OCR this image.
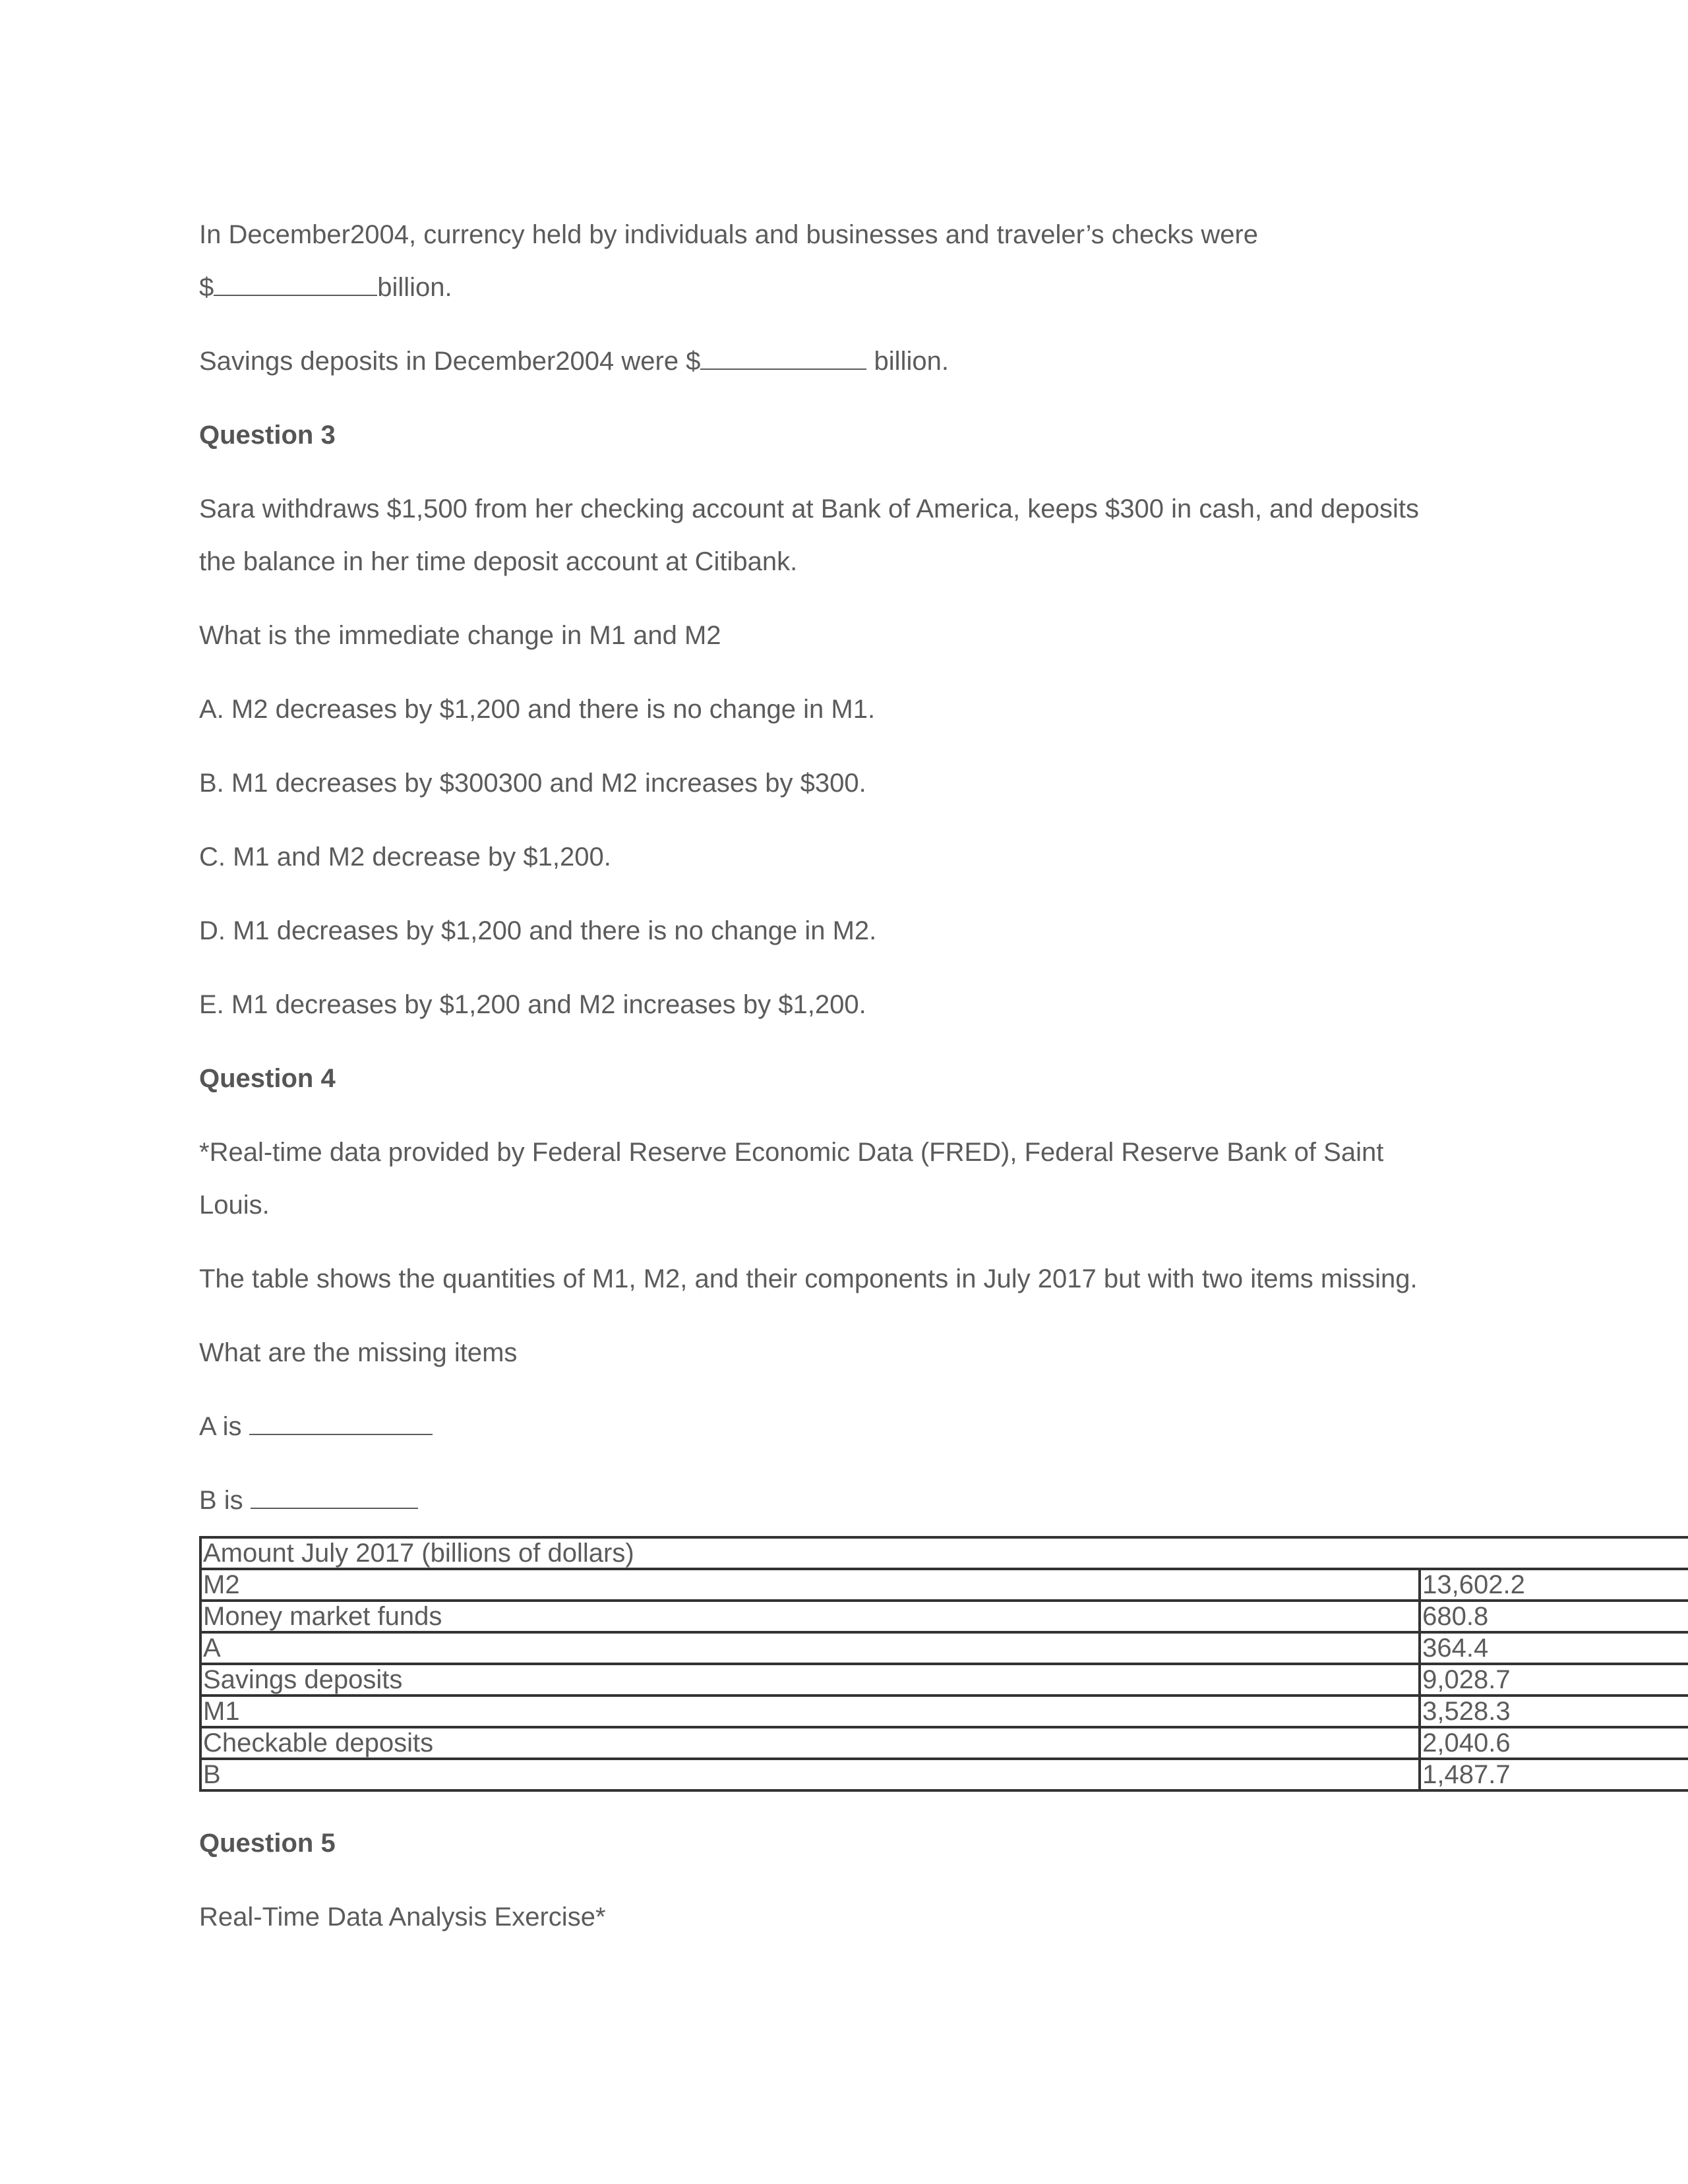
In December2004, currency held by individuals and businesses and traveler’s checks were
$	billion.
Savings deposits in December2004 were $	billion.
Question 3
Sara withdraws $1,500 from her checking account at Bank of America, keeps $300 in cash, and deposits
the balance in her time deposit account at Citibank.
What is the immediate change in M1 and M2
A. M2 decreases by $1,200 and there is no change in M1.
B. M1 decreases by $300300 and M2 increases by $300.
C. M1 and M2 decrease by $1,200.
D. M1 decreases by $1,200 and there is no change in M2.
E. M1 decreases by $1,200 and M2 increases by $1,200.
Question 4
*Real-time data provided by Federal Reserve Economic Data (FRED), Federal Reserve Bank of Saint
Louis.
The table shows the quantities of M1, M2, and their components in July 2017 but with two items missing.
What are the missing items
A is
B is
Amount July 2017 (billions of dollars)	
M2	13,602.2
Money market funds	680.8
A	364.4
Savings deposits	9,028.7
M1	3,528.3
Checkable deposits	2,040.6
B	1,487.7
Question 5
Real-Time Data Analysis Exercise*
